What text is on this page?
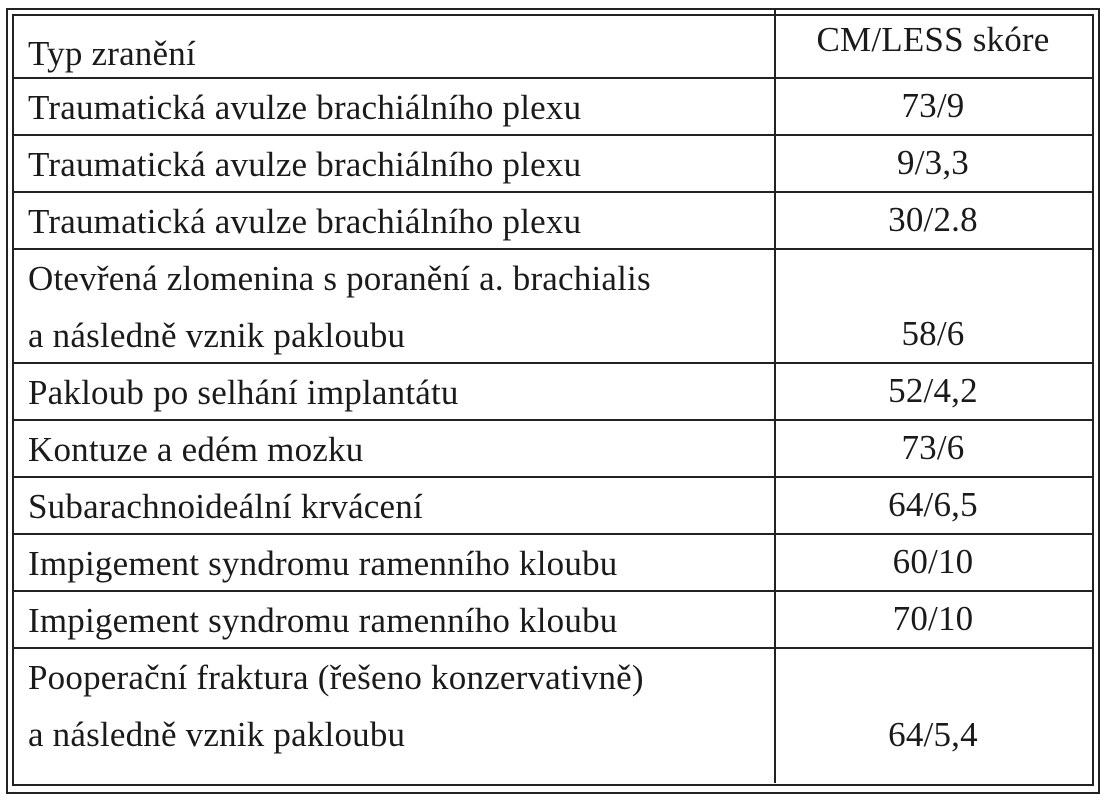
Typ zranění	CM/LESS skóre
Traumatická avulze brachiálního plexu	73/9
Traumatická avulze brachiálního plexu	9/3,3
Traumatická avulze brachiálního plexu	30/2.8
Otevřená zlomenina s poranění a. brachialis
a následně vznik pakloubu	58/6
Pakloub po selhání implantátu	52/4,2
Kontuze a edém mozku	73/6
Subarachnoideální krvácení	64/6,5
Impigement syndromu ramenního kloubu	60/10
Impigement syndromu ramenního kloubu	70/10
Pooperační fraktura (řešeno konzervativně)
a následně vznik pakloubu	64/5,4
